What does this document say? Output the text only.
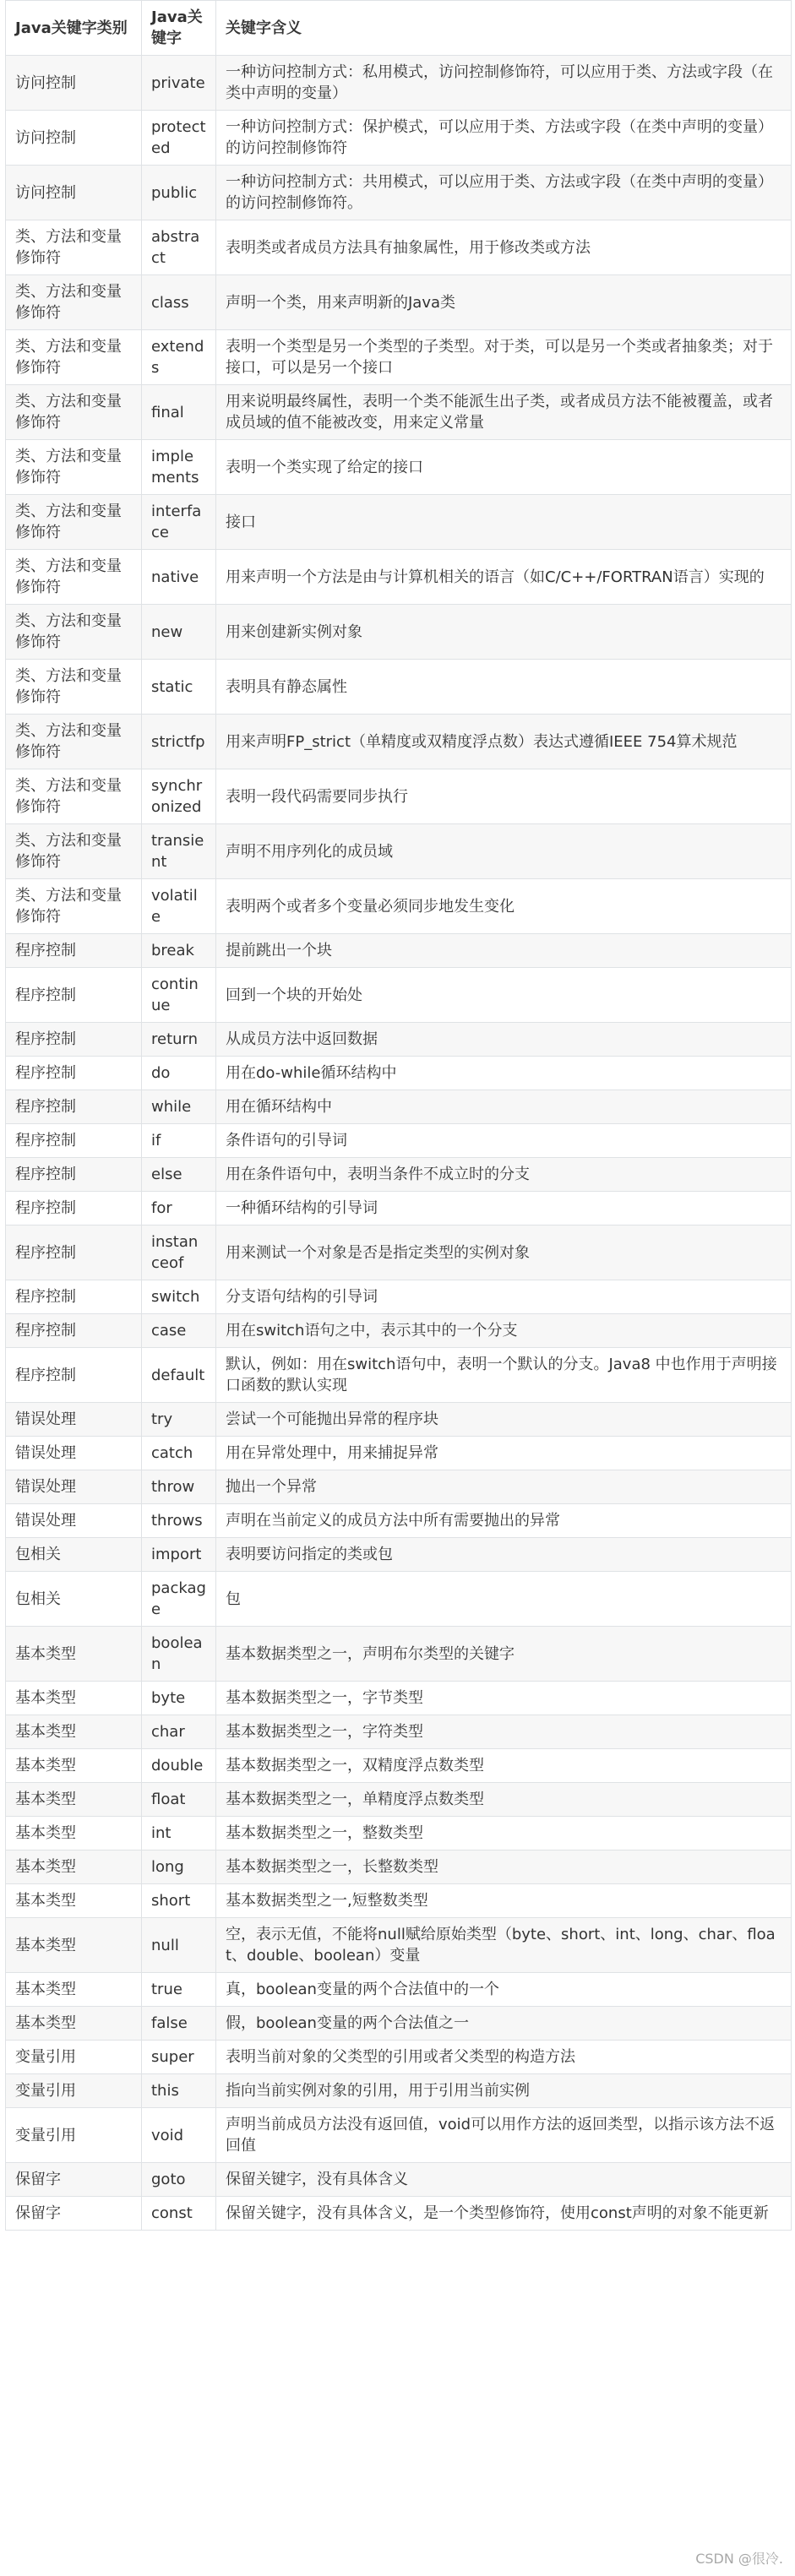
Java关键字类别	Java关键字	关键字含义
访问控制	private	一种访问控制方式：私用模式，访问控制修饰符，可以应用于类、方法或字段（在类中声明的变量）
访问控制	protected	一种访问控制方式：保护模式，可以应用于类、方法或字段（在类中声明的变量）的访问控制修饰符
访问控制	public	一种访问控制方式：共用模式，可以应用于类、方法或字段（在类中声明的变量）的访问控制修饰符。
类、方法和变量修饰符	abstract	表明类或者成员方法具有抽象属性，用于修改类或方法
类、方法和变量修饰符	class	声明一个类，用来声明新的Java类
类、方法和变量修饰符	extends	表明一个类型是另一个类型的子类型。对于类，可以是另一个类或者抽象类；对于接口，可以是另一个接口
类、方法和变量修饰符	final	用来说明最终属性，表明一个类不能派生出子类，或者成员方法不能被覆盖，或者成员域的值不能被改变，用来定义常量
类、方法和变量修饰符	implements	表明一个类实现了给定的接口
类、方法和变量修饰符	interface	接口
类、方法和变量修饰符	native	用来声明一个方法是由与计算机相关的语言（如C/C++/FORTRAN语言）实现的
类、方法和变量修饰符	new	用来创建新实例对象
类、方法和变量修饰符	static	表明具有静态属性
类、方法和变量修饰符	strictfp	用来声明FP_strict（单精度或双精度浮点数）表达式遵循IEEE 754算术规范
类、方法和变量修饰符	synchronized	表明一段代码需要同步执行
类、方法和变量修饰符	transient	声明不用序列化的成员域
类、方法和变量修饰符	volatile	表明两个或者多个变量必须同步地发生变化
程序控制	break	提前跳出一个块
程序控制	continue	回到一个块的开始处
程序控制	return	从成员方法中返回数据
程序控制	do	用在do-while循环结构中
程序控制	while	用在循环结构中
程序控制	if	条件语句的引导词
程序控制	else	用在条件语句中，表明当条件不成立时的分支
程序控制	for	一种循环结构的引导词
程序控制	instanceof	用来测试一个对象是否是指定类型的实例对象
程序控制	switch	分支语句结构的引导词
程序控制	case	用在switch语句之中，表示其中的一个分支
程序控制	default	默认，例如：用在switch语句中，表明一个默认的分支。Java8 中也作用于声明接口函数的默认实现
错误处理	try	尝试一个可能抛出异常的程序块
错误处理	catch	用在异常处理中，用来捕捉异常
错误处理	throw	抛出一个异常
错误处理	throws	声明在当前定义的成员方法中所有需要抛出的异常
包相关	import	表明要访问指定的类或包
包相关	package	包
基本类型	boolean	基本数据类型之一，声明布尔类型的关键字
基本类型	byte	基本数据类型之一，字节类型
基本类型	char	基本数据类型之一，字符类型
基本类型	double	基本数据类型之一，双精度浮点数类型
基本类型	float	基本数据类型之一，单精度浮点数类型
基本类型	int	基本数据类型之一，整数类型
基本类型	long	基本数据类型之一，长整数类型
基本类型	short	基本数据类型之一,短整数类型
基本类型	null	空，表示无值，不能将null赋给原始类型（byte、short、int、long、char、float、double、boolean）变量
基本类型	true	真，boolean变量的两个合法值中的一个
基本类型	false	假，boolean变量的两个合法值之一
变量引用	super	表明当前对象的父类型的引用或者父类型的构造方法
变量引用	this	指向当前实例对象的引用，用于引用当前实例
变量引用	void	声明当前成员方法没有返回值，void可以用作方法的返回类型，以指示该方法不返回值
保留字	goto	保留关键字，没有具体含义
保留字	const	保留关键字，没有具体含义，是一个类型修饰符，使用const声明的对象不能更新
CSDN @很冷.
